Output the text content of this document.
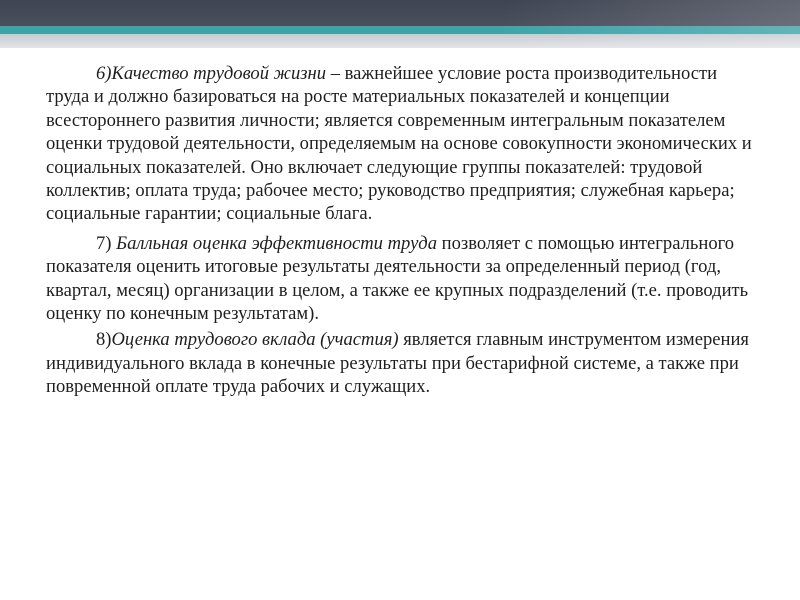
6)Качество трудовой жизни – важнейшее условие роста производительности труда и должно базироваться на росте материальных показателей и концепции всестороннего развития личности; является современным интегральным показателем оценки трудовой деятельности, определяемым на основе совокупности экономических и социальных показателей. Оно включает следующие группы показателей: трудовой коллектив; оплата труда; рабочее место; руководство предприятия; служебная карьера; социальные гарантии; социальные блага.

7) Балльная оценка эффективности труда позволяет с помощью интегрального показателя оценить итоговые результаты деятельности за определенный период (год, квартал, месяц) организации в целом, а также ее крупных подразделений (т.е. проводить оценку по конечным результатам).

8)Оценка трудового вклада (участия) является главным инструментом измерения индивидуального вклада в конечные результаты при бестарифной системе, а также при повременной оплате труда рабочих и служащих.
